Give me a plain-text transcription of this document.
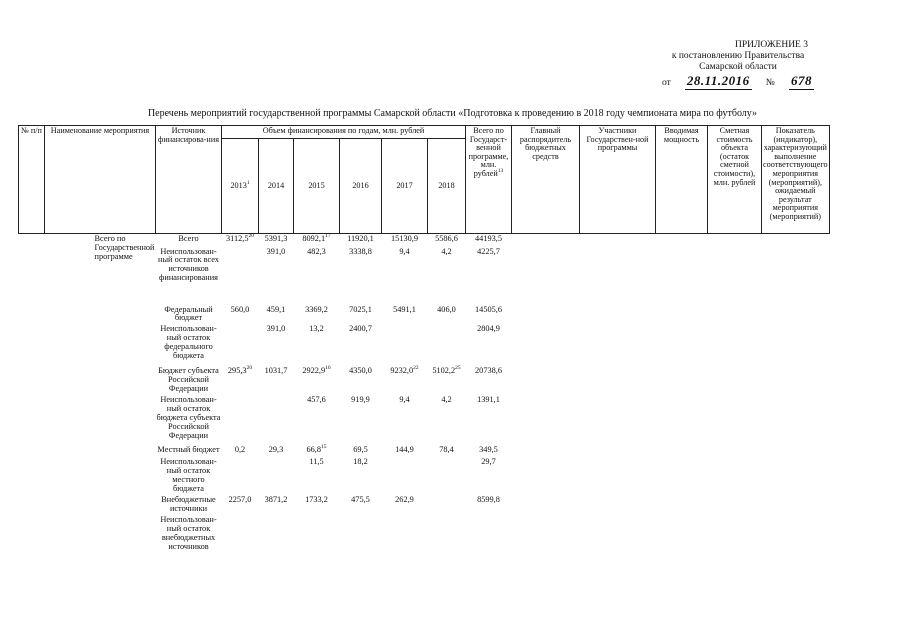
ПРИЛОЖЕНИЕ 3
к постановлению Правительства
Самарской области
от 28.11.2016 № 678
Перечень мероприятий государственной программы Самарской области «Подготовка к проведению в 2018 году чемпионата мира по футболу»
№ п/п	Наименование мероприятия	Источник финансирова-ния	Объем финансирования по годам, млн. рублей						Всего по Государст-венной программе, млн. рублей$^{13}$	Главный распорядитель бюджетных средств	Участники Государствен-ной программы	Вводимая мощность	Сметная стоимость объекта (остаток сметной стоимости), млн. рублей	Показатель (индикатор), характеризующий выполнение соответствующего мероприятия (мероприятий), ожидаемый результат мероприятия (мероприятий)
			2013$^1$	2014	2015	2016	2017	2018						
	Всего по Государственной программе	Всего	3112,5$^{20}$	5391,3	8092,1$^{17}$	11920,1	15130,9	5586,6	44193,5					
		Неиспользован-ный остаток всех источников финансирования		391,0	482,3	3338,8	9,4	4,2	4225,7					
		Федеральный бюджет	560,0	459,1	3369,2	7025,1	5491,1	406,0	14505,6					
		Неиспользован-ный остаток федерального бюджета		391,0	13,2	2400,7			2804,9					
		Бюджет субъекта Российской Федерации	295,3$^{20}$	1031,7	2922,9$^{16}$	4350,0	9232,0$^{22}$	5102,2$^{25}$	20738,6					
		Неиспользован-ный остаток бюджета субъекта Российской Федерации			457,6	919,9	9,4	4,2	1391,1					
		Местный бюджет	0,2	29,3	66,8$^{15}$	69,5	144,9	78,4	349,5					
		Неиспользован-ный остаток местного бюджета			11,5	18,2			29,7					
		Внебюджетные источники	2257,0	3871,2	1733,2	475,5	262,9		8599,8					
		Неиспользован-ный остаток внебюджетных источников												
